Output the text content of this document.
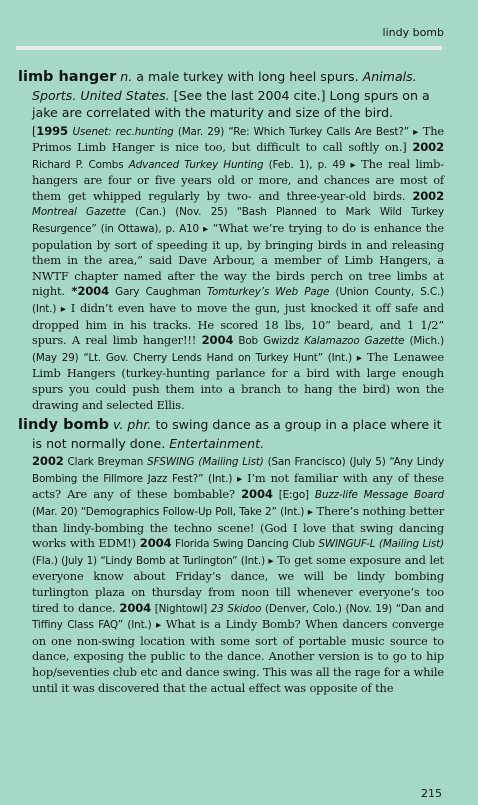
lindy bomb

limb hanger n. a male turkey with long heel spurs. Animals. Sports. United States. [See the last 2004 cite.] Long spurs on a jake are correlated with the maturity and size of the bird.

[1995 Usenet: rec.hunting (Mar. 29) “Re: Which Turkey Calls Are Best?” ▸ The Primos Limb Hanger is nice too, but difficult to call softly on.] 2002 Richard P. Combs Advanced Turkey Hunting (Feb. 1), p. 49 ▸ The real limb-hangers are four or five years old or more, and chances are most of them get whipped regularly by two- and three-year-old birds. 2002 Montreal Gazette (Can.) (Nov. 25) “Bash Planned to Mark Wild Turkey Resurgence” (in Ottawa), p. A10 ▸ “What we’re trying to do is enhance the population by sort of speeding it up, by bringing birds in and releasing them in the area,” said Dave Arbour, a member of Limb Hangers, a NWTF chapter named after the way the birds perch on tree limbs at night. *2004 Gary Caughman Tomturkey’s Web Page (Union County, S.C.) (Int.) ▸ I didn’t even have to move the gun, just knocked it off safe and dropped him in his tracks. He scored 18 lbs, 10” beard, and 1 1/2” spurs. A real limb hanger!!! 2004 Bob Gwizdz Kalamazoo Gazette (Mich.) (May 29) “Lt. Gov. Cherry Lends Hand on Turkey Hunt” (Int.) ▸ The Lenawee Limb Hangers (turkey-hunting parlance for a bird with large enough spurs you could push them into a branch to hang the bird) won the drawing and selected Ellis.

lindy bomb v. phr. to swing dance as a group in a place where it is not normally done. Entertainment.

2002 Clark Breyman SFSWING (Mailing List) (San Francisco) (July 5) “Any Lindy Bombing the Fillmore Jazz Fest?” (Int.) ▸ I’m not familiar with any of these acts? Are any of these bombable? 2004 [E:go] Buzz-life Message Board (Mar. 20) “Demographics Follow-Up Poll, Take 2” (Int.) ▸ There’s nothing better than lindy-bombing the techno scene! (God I love that swing dancing works with EDM!) 2004 Florida Swing Dancing Club SWINGUF-L (Mailing List) (Fla.) (July 1) “Lindy Bomb at Turlington” (Int.) ▸ To get some exposure and let everyone know about Friday’s dance, we will be lindy bombing turlington plaza on thursday from noon till whenever everyone’s too tired to dance. 2004 [Nightowl] 23 Skidoo (Denver, Colo.) (Nov. 19) “Dan and Tiffiny Class FAQ” (Int.) ▸ What is a Lindy Bomb? When dancers converge on one non-swing location with some sort of portable music source to dance, exposing the public to the dance. Another version is to go to hip hop/seventies club etc and dance swing. This was all the rage for a while until it was discovered that the actual effect was opposite of the

215
